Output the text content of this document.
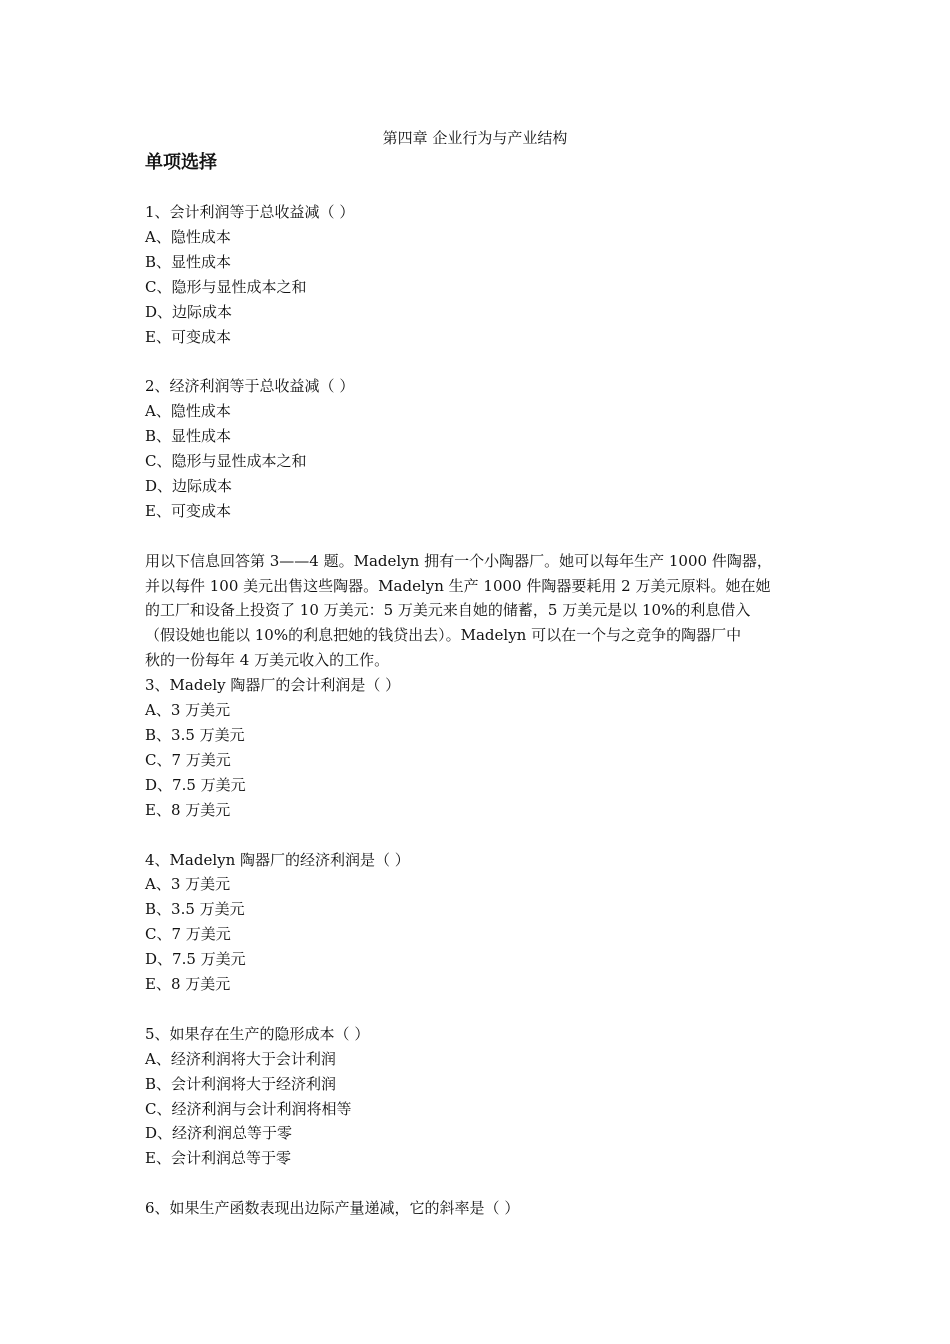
第四章 企业行为与产业结构
单项选择
1、会计利润等于总收益减（ ）
A、隐性成本
B、显性成本
C、隐形与显性成本之和
D、边际成本
E、可变成本
2、经济利润等于总收益减（ ）
A、隐性成本
B、显性成本
C、隐形与显性成本之和
D、边际成本
E、可变成本
用以下信息回答第 3——4 题。Madelyn 拥有一个小陶器厂。她可以每年生产 1000 件陶器，
并以每件 100 美元出售这些陶器。Madelyn 生产 1000 件陶器要耗用 2 万美元原料。她在她
的工厂和设备上投资了 10 万美元：5 万美元来自她的储蓄，5 万美元是以 10%的利息借入
（假设她也能以 10%的利息把她的钱贷出去）。Madelyn 可以在一个与之竞争的陶器厂中
秋的一份每年 4 万美元收入的工作。
3、Madely 陶器厂的会计利润是（ ）
A、3 万美元
B、3.5 万美元
C、7 万美元
D、7.5 万美元
E、8 万美元
4、Madelyn 陶器厂的经济利润是（ ）
A、3 万美元
B、3.5 万美元
C、7 万美元
D、7.5 万美元
E、8 万美元
5、如果存在生产的隐形成本（ ）
A、经济利润将大于会计利润
B、会计利润将大于经济利润
C、经济利润与会计利润将相等
D、经济利润总等于零
E、会计利润总等于零
6、如果生产函数表现出边际产量递减，它的斜率是（ ）
